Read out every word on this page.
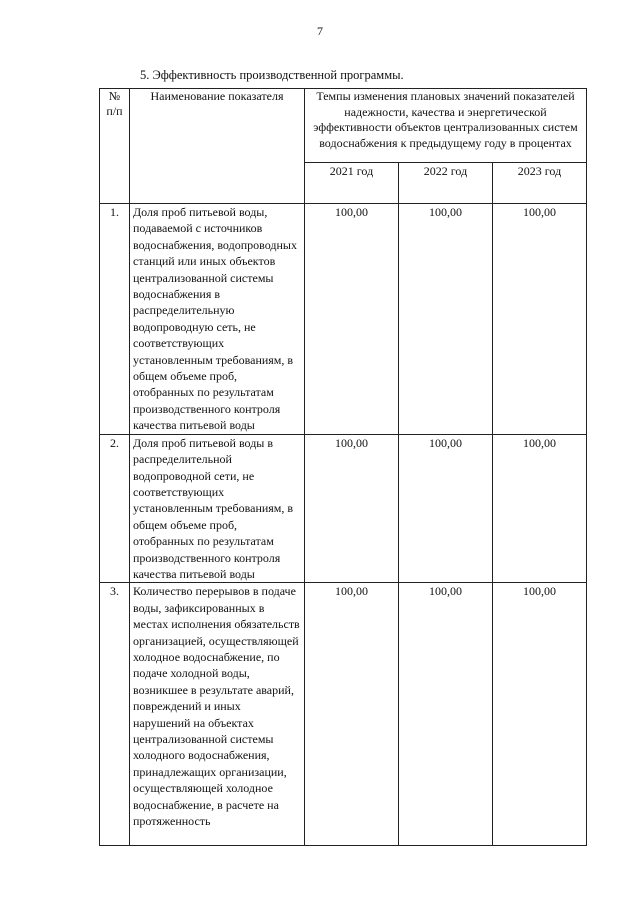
7
5. Эффективность производственной программы.
№ п/п	Наименование показателя	Темпы изменения плановых значений показателей надежности, качества и энергетической эффективности объектов централизованных систем водоснабжения к предыдущему году в процентах		
		2021 год	2022 год	2023 год
1.	Доля проб питьевой воды, подаваемой с источников водоснабжения, водопроводных станций или иных объектов централизованной системы водоснабжения в распределительную водопроводную сеть, не соответствующих установленным требованиям, в общем объеме проб, отобранных по результатам производственного контроля качества питьевой воды	100,00	100,00	100,00
2.	Доля проб питьевой воды в распределительной водопроводной сети, не соответствующих установленным требованиям, в общем объеме проб, отобранных по результатам производственного контроля качества питьевой воды	100,00	100,00	100,00
3.	Количество перерывов в подаче воды, зафиксированных в местах исполнения обязательств организацией, осуществляющей холодное водоснабжение, по подаче холодной воды, возникшее в результате аварий, повреждений и иных нарушений на объектах централизованной системы холодного водоснабжения, принадлежащих организации, осуществляющей холодное водоснабжение, в расчете на протяженность	100,00	100,00	100,00
